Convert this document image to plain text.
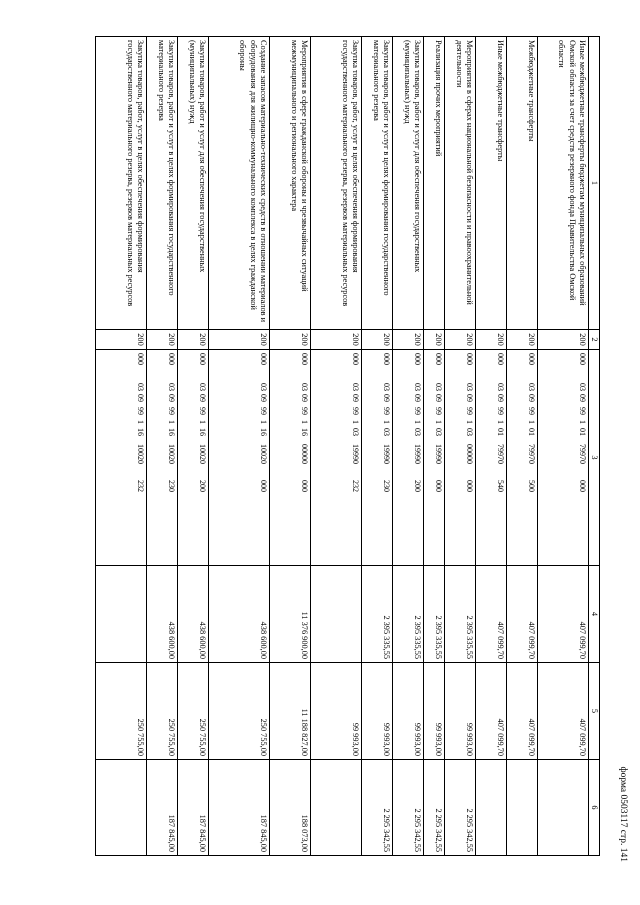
форма 0503117 стр. 141
1	2	3	4	5	6
Иные межбюджетные трансферты бюджетам муниципальных образований Омской области за счет средств резервного фонда Правительства Омской области	200	00003099910179970000	407 099,70	407 099,70	
Межбюджетные трансферты	200	00003099910179970500	407 099,70	407 099,70	
Иные межбюджетные трансферты	200	00003099910179970540	407 099,70	407 099,70	
Мероприятия в сферах национальной безопасности и правоохранительной деятельности	200	00003099910300000000	2 395 335,55	99 993,00	2 295 342,55
Реализация прочих мероприятий	200	00003099910319990000	2 395 335,55	99 993,00	2 295 342,55
Закупка товаров, работ и услуг для обеспечения государственных (муниципальных) нужд	200	00003099910319990200	2 395 335,55	99 993,00	2 295 342,55
Закупка товаров, работ и услуг в целях формирования государственного материального резерва	200	00003099910319990230	2 395 335,55	99 993,00	2 295 342,55
Закупка товаров, работ, услуг в целях обеспечения формирования государственного материального резерва, резервов материальных ресурсов	200	00003099910319990232		99 993,00	
Мероприятия в сфере гражданской обороны и чрезвычайных ситуаций межмуниципального и регионального характера	200	00003099911600000000	11 376 900,00	11 188 827,00	188 073,00
Создание запасов материально-технических средств в отношении материалов и оборудования для жилищно-коммунального комплекса в целях гражданской обороны	200	00003099911610020000	438 600,00	250 755,00	187 845,00
Закупка товаров, работ и услуг для обеспечения государственных (муниципальных) нужд	200	00003099911610020200	438 600,00	250 755,00	187 845,00
Закупка товаров, работ и услуг в целях формирования государственного материального резерва	200	00003099911610020230	438 600,00	250 755,00	187 845,00
Закупка товаров, работ, услуг в целях обеспечения формирования государственного материального резерва, резервов материальных ресурсов	200	00003099911610020232		250 755,00	
